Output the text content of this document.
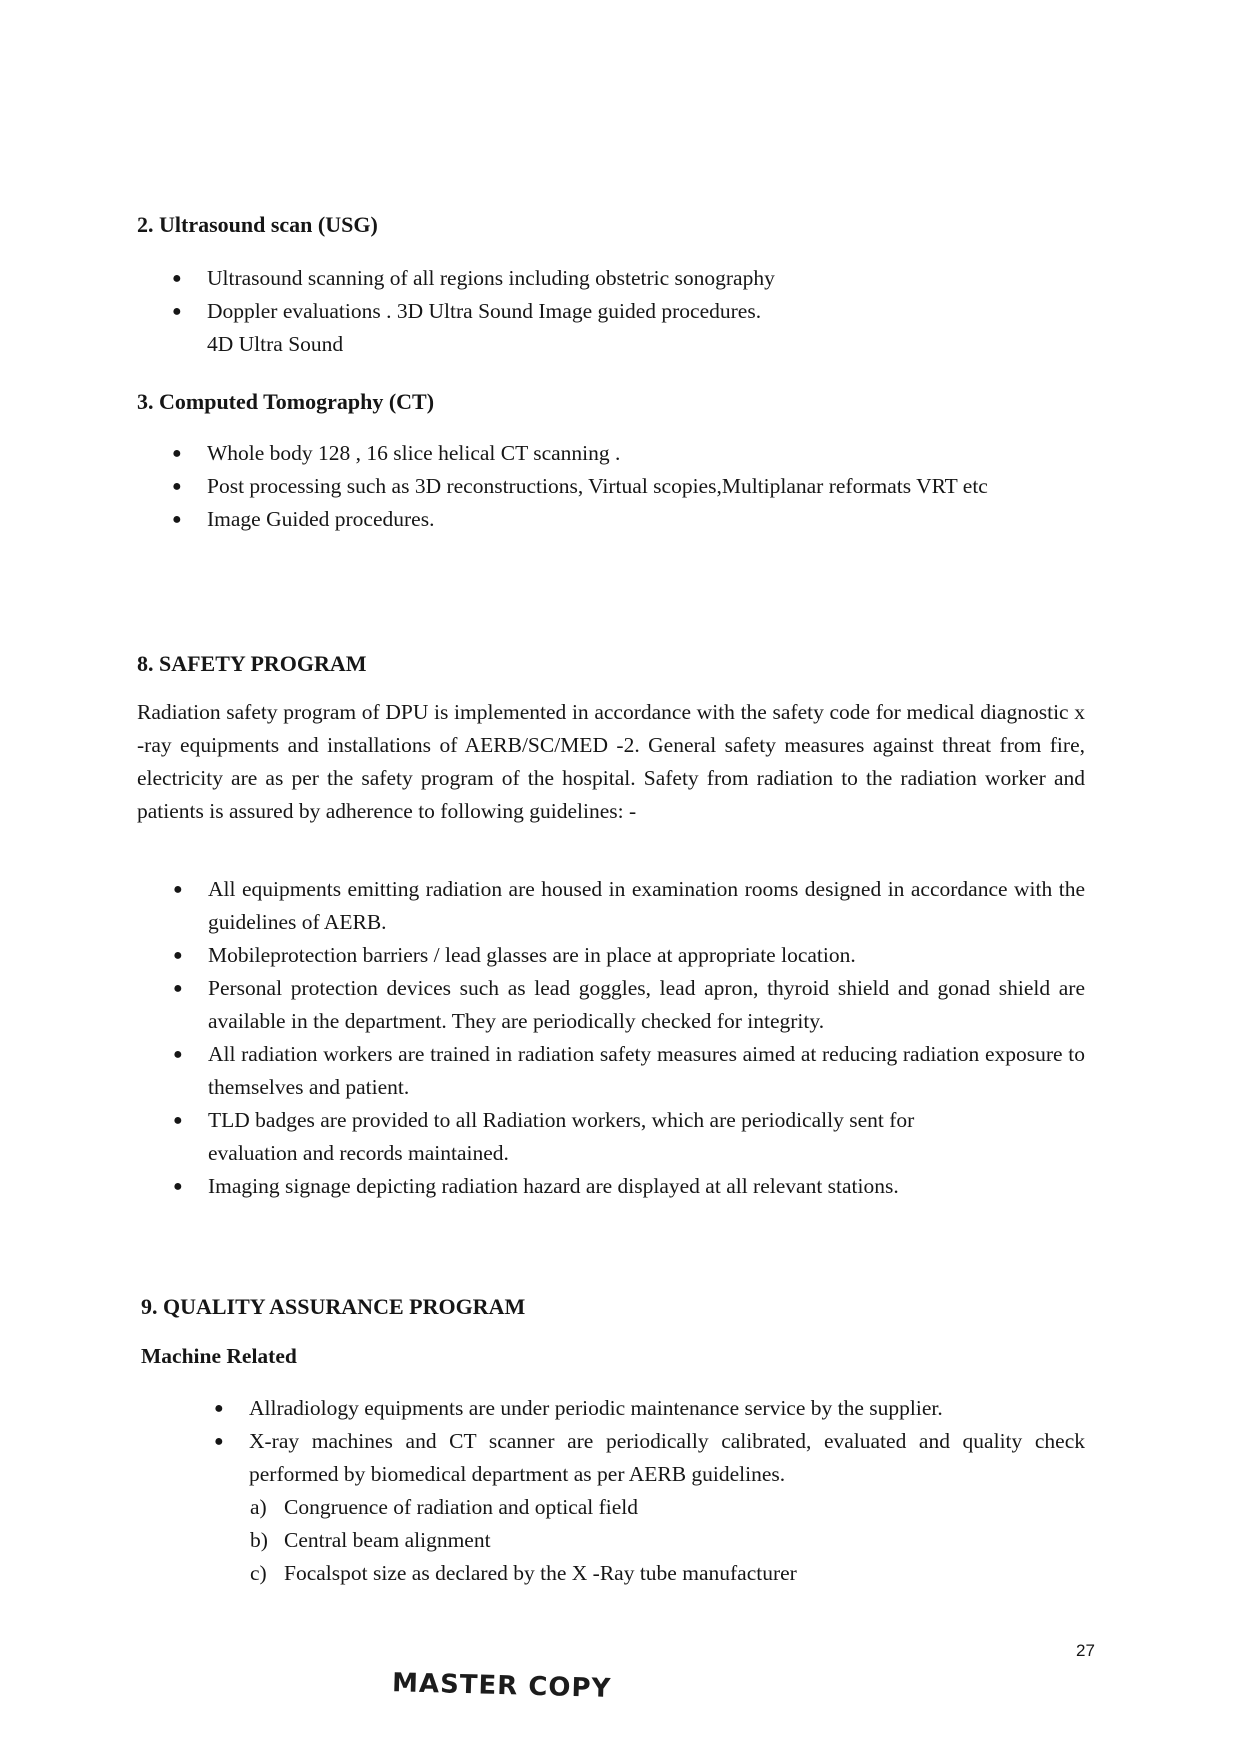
2. Ultrasound scan (USG)
● Ultrasound scanning of all regions including obstetric sonography
● Doppler evaluations . 3D Ultra Sound Image guided procedures. 4D Ultra Sound
3. Computed Tomography (CT)
● Whole body 128 , 16 slice helical CT scanning .
● Post processing such as 3D reconstructions, Virtual scopies,Multiplanar reformats VRT etc
● Image Guided procedures.
8. SAFETY PROGRAM

Radiation safety program of DPU is implemented in accordance with the safety code for medical diagnostic x -ray equipments and installations of AERB/SC/MED -2. General safety measures against threat from fire, electricity are as per the safety program of the hospital. Safety from radiation to the radiation worker and patients is assured by adherence to following guidelines: -

● All equipments emitting radiation are housed in examination rooms designed in accordance with the guidelines of AERB.
● Mobileprotection barriers / lead glasses are in place at appropriate location.
● Personal protection devices such as lead goggles, lead apron, thyroid shield and gonad shield are available in the department. They are periodically checked for integrity.
● All radiation workers are trained in radiation safety measures aimed at reducing radiation exposure to themselves and patient.
● TLD badges are provided to all Radiation workers, which are periodically sent for evaluation and records maintained.
● Imaging signage depicting radiation hazard are displayed at all relevant stations.
9. QUALITY ASSURANCE PROGRAM
Machine Related
● Allradiology equipments are under periodic maintenance service by the supplier.
● X-ray machines and CT scanner are periodically calibrated, evaluated and quality check performed by biomedical department as per AERB guidelines.
a) Congruence of radiation and optical field
b) Central beam alignment
c) Focalspot size as declared by the X -Ray tube manufacturer
27
MASTER COPY
